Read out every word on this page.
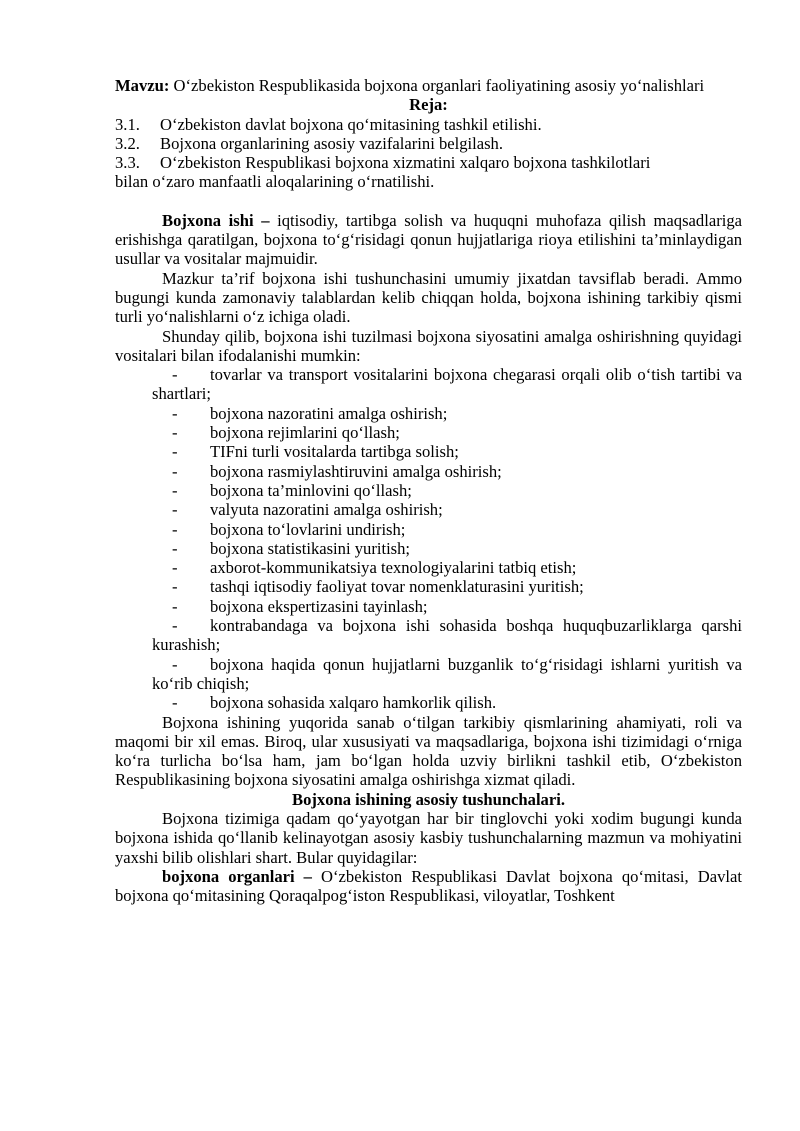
Mavzu: O‘zbekiston Respublikasida bojxona organlari faoliyatining asosiy yo‘nalishlari

Reja:

3.1. O‘zbekiston davlat bojxona qo‘mitasining tashkil etilishi.

3.2. Bojxona organlarining asosiy vazifalarini belgilash.

3.3. O‘zbekiston Respublikasi bojxona xizmatini xalqaro bojxona tashkilotlari

bilan o‘zaro manfaatli aloqalarining o‘rnatilishi.

Bojxona ishi – iqtisodiy, tartibga solish va huquqni muhofaza qilish maqsadlariga erishishga qaratilgan, bojxona to‘g‘risidagi qonun hujjatlariga rioya etilishini ta’minlaydigan usullar va vositalar majmuidir.

Mazkur ta’rif bojxona ishi tushunchasini umumiy jixatdan tavsiflab beradi. Ammo bugungi kunda zamonaviy talablardan kelib chiqqan holda, bojxona ishining tarkibiy qismi turli yo‘nalishlarni o‘z ichiga oladi.

Shunday qilib, bojxona ishi tuzilmasi bojxona siyosatini amalga oshirishning quyidagi vositalari bilan ifodalanishi mumkin:

- tovarlar va transport vositalarini bojxona chegarasi orqali olib o‘tish tartibi va shartlari;
- bojxona nazoratini amalga oshirish;
- bojxona rejimlarini qo‘llash;
- TIFni turli vositalarda tartibga solish;
- bojxona rasmiylashtiruvini amalga oshirish;
- bojxona ta’minlovini qo‘llash;
- valyuta nazoratini amalga oshirish;
- bojxona to‘lovlarini undirish;
- bojxona statistikasini yuritish;
- axborot-kommunikatsiya texnologiyalarini tatbiq etish;
- tashqi iqtisodiy faoliyat tovar nomenklaturasini yuritish;
- bojxona ekspertizasini tayinlash;
- kontrabandaga va bojxona ishi sohasida boshqa huquqbuzarliklarga qarshi kurashish;
- bojxona haqida qonun hujjatlarni buzganlik to‘g‘risidagi ishlarni yuritish va ko‘rib chiqish;
- bojxona sohasida xalqaro hamkorlik qilish.

Bojxona ishining yuqorida sanab o‘tilgan tarkibiy qismlarining ahamiyati, roli va maqomi bir xil emas. Biroq, ular xususiyati va maqsadlariga, bojxona ishi tizimidagi o‘rniga ko‘ra turlicha bo‘lsa ham, jam bo‘lgan holda uzviy birlikni tashkil etib, O‘zbekiston Respublikasining bojxona siyosatini amalga oshirishga xizmat qiladi.

Bojxona ishining asosiy tushunchalari.

Bojxona tizimiga qadam qo‘yayotgan har bir tinglovchi yoki xodim bugungi kunda bojxona ishida qo‘llanib kelinayotgan asosiy kasbiy tushunchalarning mazmun va mohiyatini yaxshi bilib olishlari shart. Bular quyidagilar:

bojxona organlari – O‘zbekiston Respublikasi Davlat bojxona qo‘mitasi, Davlat bojxona qo‘mitasining Qoraqalpog‘iston Respublikasi, viloyatlar, Toshkent
